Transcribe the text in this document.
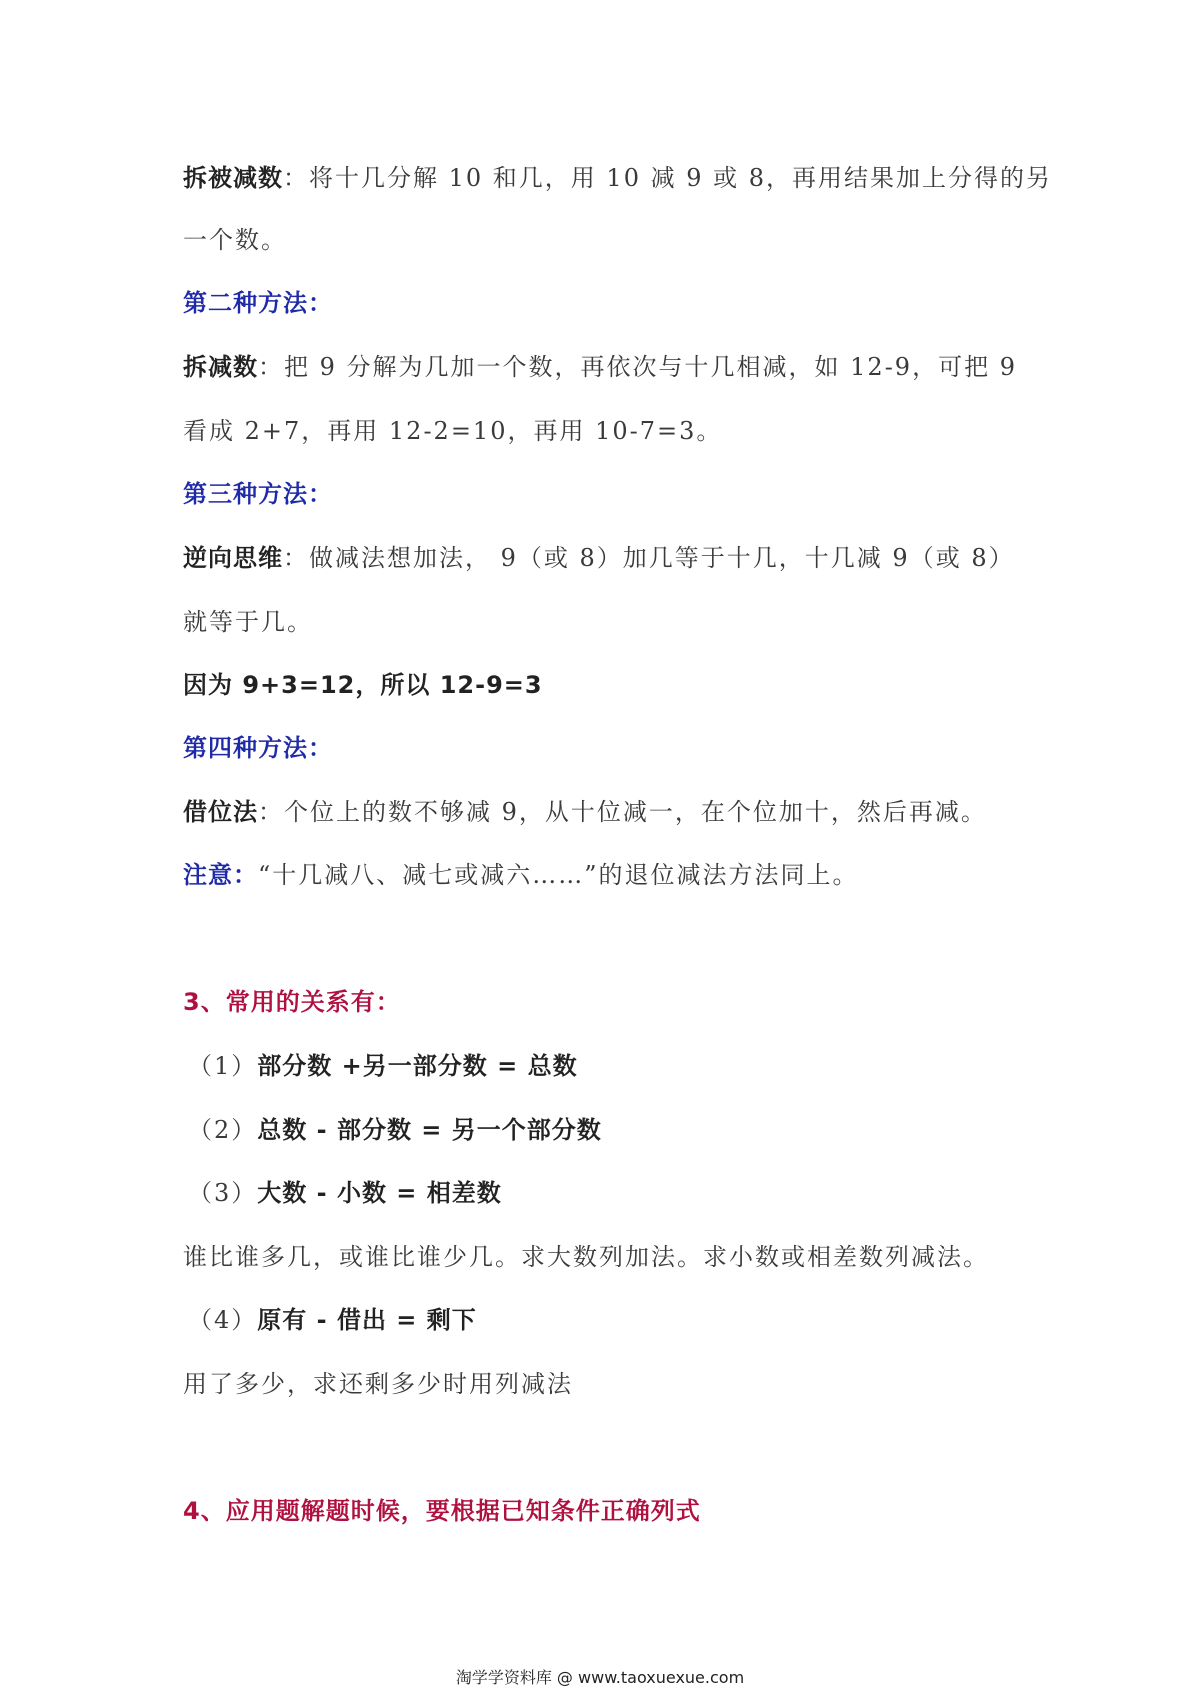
拆被减数：将十几分解 10 和几，用 10 减 9 或 8，再用结果加上分得的另
一个数。
第二种方法：
拆减数：把 9 分解为几加一个数，再依次与十几相减，如 12-9，可把 9
看成 2+7，再用 12-2=10，再用 10-7=3。
第三种方法：
逆向思维：做减法想加法， 9（或 8）加几等于十几，十几减 9（或 8）
就等于几。
因为 9+3=12，所以 12-9=3
第四种方法：
借位法：个位上的数不够减 9，从十位减一，在个位加十，然后再减。
注意：“十几减八、减七或减六……”的退位减法方法同上。
3、常用的关系有：
（1）部分数 +另一部分数 = 总数
（2）总数 - 部分数 = 另一个部分数
（3）大数 - 小数 = 相差数
谁比谁多几，或谁比谁少几。求大数列加法。求小数或相差数列减法。
（4）原有 - 借出 = 剩下
用了多少，求还剩多少时用列减法
4、应用题解题时候，要根据已知条件正确列式
淘学学资料库 @ www.taoxuexue.com
